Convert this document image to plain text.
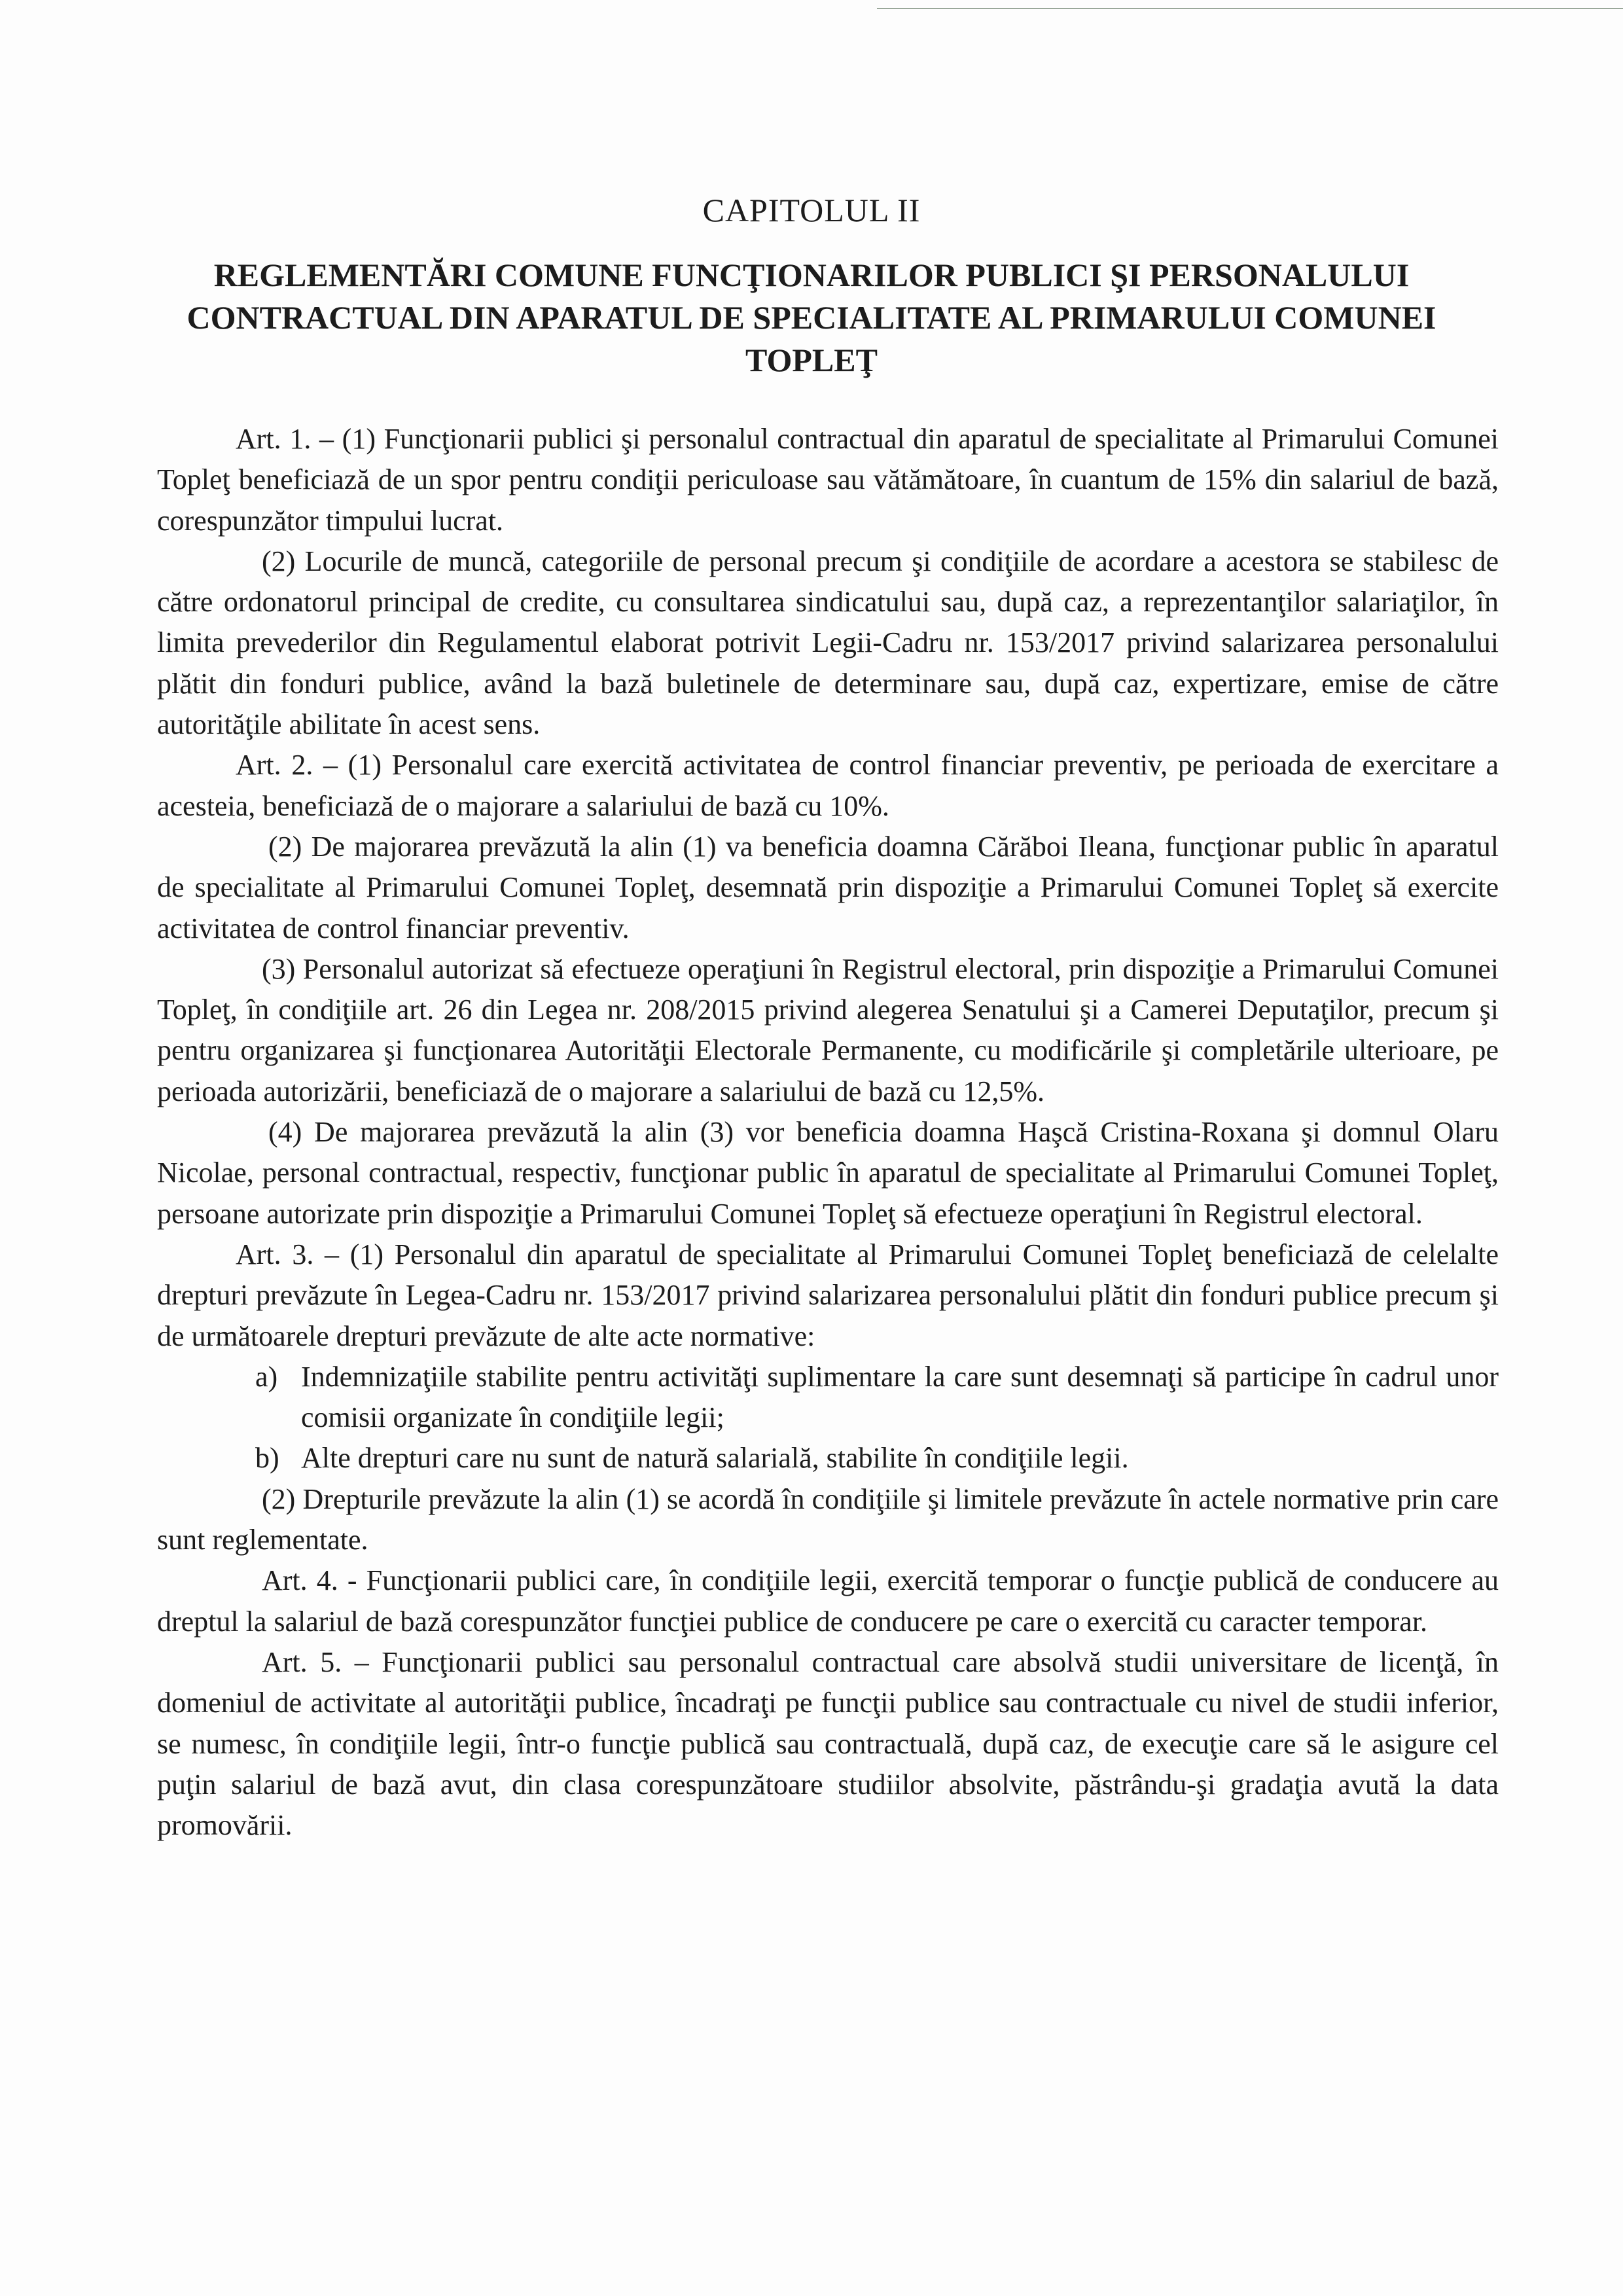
CAPITOLUL II
REGLEMENTĂRI COMUNE FUNCŢIONARILOR PUBLICI ŞI PERSONALULUI CONTRACTUAL DIN APARATUL DE SPECIALITATE AL PRIMARULUI COMUNEI TOPLEŢ

Art. 1. – (1) Funcţionarii publici şi personalul contractual din aparatul de specialitate al Primarului Comunei Topleţ beneficiază de un spor pentru condiţii periculoase sau vătămătoare, în cuantum de 15% din salariul de bază, corespunzător timpului lucrat.

(2) Locurile de muncă, categoriile de personal precum şi condiţiile de acordare a acestora se stabilesc de către ordonatorul principal de credite, cu consultarea sindicatului sau, după caz, a reprezentanţilor salariaţilor, în limita prevederilor din Regulamentul elaborat potrivit Legii-Cadru nr. 153/2017 privind salarizarea personalului plătit din fonduri publice, având la bază buletinele de determinare sau, după caz, expertizare, emise de către autorităţile abilitate în acest sens.

Art. 2. – (1) Personalul care exercită activitatea de control financiar preventiv, pe perioada de exercitare a acesteia, beneficiază de o majorare a salariului de bază cu 10%.

(2) De majorarea prevăzută la alin (1) va beneficia doamna Cărăboi Ileana, funcţionar public în aparatul de specialitate al Primarului Comunei Topleţ, desemnată prin dispoziţie a Primarului Comunei Topleţ să exercite activitatea de control financiar preventiv.

(3) Personalul autorizat să efectueze operaţiuni în Registrul electoral, prin dispoziţie a Primarului Comunei Topleţ, în condiţiile art. 26 din Legea nr. 208/2015 privind alegerea Senatului şi a Camerei Deputaţilor, precum şi pentru organizarea şi funcţionarea Autorităţii Electorale Permanente, cu modificările şi completările ulterioare, pe perioada autorizării, beneficiază de o majorare a salariului de bază cu 12,5%.

(4) De majorarea prevăzută la alin (3) vor beneficia doamna Haşcă Cristina-Roxana şi domnul Olaru Nicolae, personal contractual, respectiv, funcţionar public în aparatul de specialitate al Primarului Comunei Topleţ, persoane autorizate prin dispoziţie a Primarului Comunei Topleţ să efectueze operaţiuni în Registrul electoral.

Art. 3. – (1) Personalul din aparatul de specialitate al Primarului Comunei Topleţ beneficiază de celelalte drepturi prevăzute în Legea-Cadru nr. 153/2017 privind salarizarea personalului plătit din fonduri publice precum şi de următoarele drepturi prevăzute de alte acte normative:

a) Indemnizaţiile stabilite pentru activităţi suplimentare la care sunt desemnaţi să participe în cadrul unor comisii organizate în condiţiile legii;
b) Alte drepturi care nu sunt de natură salarială, stabilite în condiţiile legii.

(2) Drepturile prevăzute la alin (1) se acordă în condiţiile şi limitele prevăzute în actele normative prin care sunt reglementate.

Art. 4. - Funcţionarii publici care, în condiţiile legii, exercită temporar o funcţie publică de conducere au dreptul la salariul de bază corespunzător funcţiei publice de conducere pe care o exercită cu caracter temporar.

Art. 5. – Funcţionarii publici sau personalul contractual care absolvă studii universitare de licenţă, în domeniul de activitate al autorităţii publice, încadraţi pe funcţii publice sau contractuale cu nivel de studii inferior, se numesc, în condiţiile legii, într-o funcţie publică sau contractuală, după caz, de execuţie care să le asigure cel puţin salariul de bază avut, din clasa corespunzătoare studiilor absolvite, păstrându-şi gradaţia avută la data promovării.
